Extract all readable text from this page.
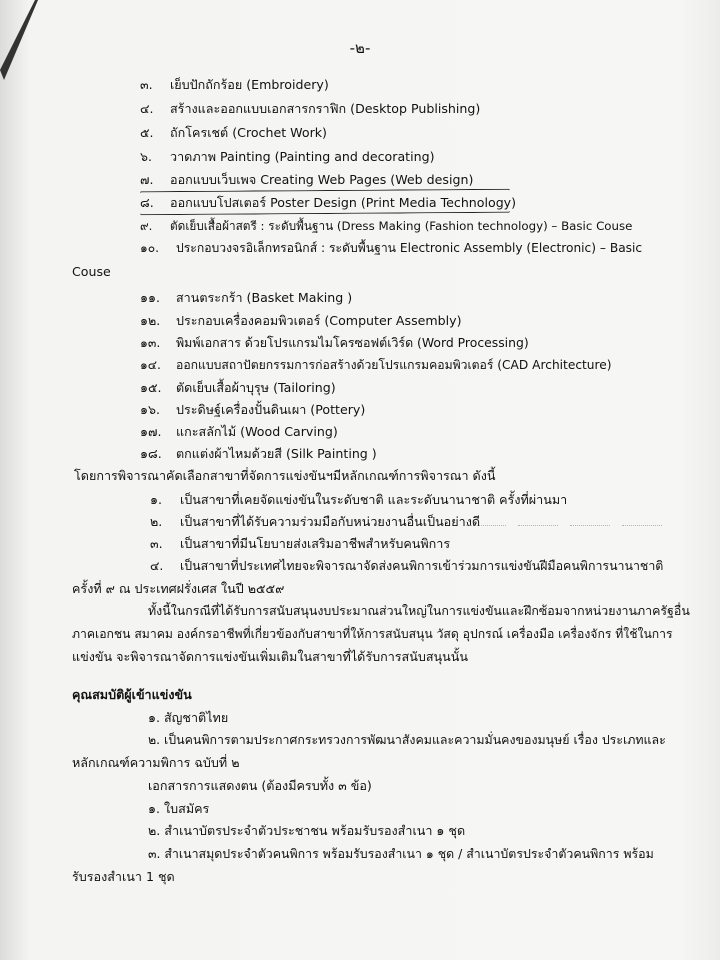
-๒-
๓. เย็บปักถักร้อย (Embroidery)
๔. สร้างและออกแบบเอกสารกราฟิก (Desktop Publishing)
๕. ถักโครเชต์ (Crochet Work)
๖. วาดภาพ Painting (Painting and decorating)
๗. ออกแบบเว็บเพจ Creating Web Pages (Web design)
๘. ออกแบบโปสเตอร์ Poster Design (Print Media Technology)
๙. ตัดเย็บเสื้อผ้าสตรี : ระดับพื้นฐาน (Dress Making (Fashion technology) – Basic Couse
๑๐. ประกอบวงจรอิเล็กทรอนิกส์ : ระดับพื้นฐาน Electronic Assembly (Electronic) – Basic
Couse
๑๑. สานตระกร้า (Basket Making )
๑๒. ประกอบเครื่องคอมพิวเตอร์ (Computer Assembly)
๑๓. พิมพ์เอกสาร ด้วยโปรแกรมไมโครซอฟต์เวิร์ด (Word Processing)
๑๔. ออกแบบสถาปัตยกรรมการก่อสร้างด้วยโปรแกรมคอมพิวเตอร์ (CAD Architecture)
๑๕. ตัดเย็บเสื้อผ้าบุรุษ (Tailoring)
๑๖. ประดิษฐ์เครื่องปั้นดินเผา (Pottery)
๑๗. แกะสลักไม้ (Wood Carving)
๑๘. ตกแต่งผ้าไหมด้วยสี (Silk Painting )
โดยการพิจารณาคัดเลือกสาขาที่จัดการแข่งขันฯมีหลักเกณฑ์การพิจารณา ดังนี้
๑. เป็นสาขาที่เคยจัดแข่งขันในระดับชาติ และระดับนานาชาติ ครั้งที่ผ่านมา
๒. เป็นสาขาที่ได้รับความร่วมมือกับหน่วยงานอื่นเป็นอย่างดี
๓. เป็นสาขาที่มีนโยบายส่งเสริมอาชีพสำหรับคนพิการ
๔. เป็นสาขาที่ประเทศไทยจะพิจารณาจัดส่งคนพิการเข้าร่วมการแข่งขันฝีมือคนพิการนานาชาติ
ครั้งที่ ๙ ณ ประเทศฝรั่งเศส ในปี ๒๕๕๙
ทั้งนี้ในกรณีที่ได้รับการสนับสนุนงบประมาณส่วนใหญ่ในการแข่งขันและฝึกซ้อมจากหน่วยงานภาครัฐอื่น
ภาคเอกชน สมาคม องค์กรอาชีพที่เกี่ยวข้องกับสาขาที่ให้การสนับสนุน วัสดุ อุปกรณ์ เครื่องมือ เครื่องจักร ที่ใช้ในการ
แข่งขัน จะพิจารณาจัดการแข่งขันเพิ่มเติมในสาขาที่ได้รับการสนับสนุนนั้น
คุณสมบัติผู้เข้าแข่งขัน
๑. สัญชาติไทย
๒. เป็นคนพิการตามประกาศกระทรวงการพัฒนาสังคมและความมั่นคงของมนุษย์ เรื่อง ประเภทและ
หลักเกณฑ์ความพิการ ฉบับที่ ๒
เอกสารการแสดงตน (ต้องมีครบทั้ง ๓ ข้อ)
๑. ใบสมัคร
๒. สำเนาบัตรประจำตัวประชาชน พร้อมรับรองสำเนา ๑ ชุด
๓. สำเนาสมุดประจำตัวคนพิการ พร้อมรับรองสำเนา ๑ ชุด / สำเนาบัตรประจำตัวคนพิการ พร้อม
รับรองสำเนา 1 ชุด
